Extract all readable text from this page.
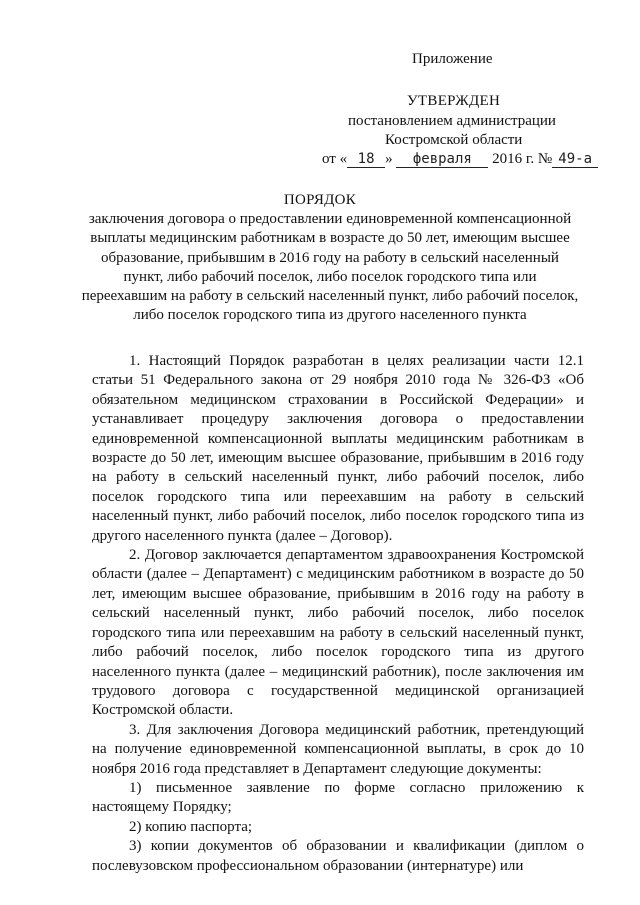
Приложение
УТВЕРЖДЕН
постановлением администрации
Костромской области
от « 18 » февраля 2016 г. № 49-а
ПОРЯДОК
заключения договора о предоставлении единовременной компенсационной выплаты медицинским работникам в возрасте до 50 лет, имеющим высшее образование, прибывшим в 2016 году на работу в сельский населенный пункт, либо рабочий поселок, либо поселок городского типа или переехавшим на работу в сельский населенный пункт, либо рабочий поселок, либо поселок городского типа из другого населенного пункта

1. Настоящий Порядок разработан в целях реализации части 12.1 статьи 51 Федерального закона от 29 ноября 2010 года № 326-ФЗ «Об обязательном медицинском страховании в Российской Федерации» и устанавливает процедуру заключения договора о предоставлении единовременной компенсационной выплаты медицинским работникам в возрасте до 50 лет, имеющим высшее образование, прибывшим в 2016 году на работу в сельский населенный пункт, либо рабочий поселок, либо поселок городского типа или переехавшим на работу в сельский населенный пункт, либо рабочий поселок, либо поселок городского типа из другого населенного пункта (далее – Договор).

2. Договор заключается департаментом здравоохранения Костромской области (далее – Департамент) с медицинским работником в возрасте до 50 лет, имеющим высшее образование, прибывшим в 2016 году на работу в сельский населенный пункт, либо рабочий поселок, либо поселок городского типа или переехавшим на работу в сельский населенный пункт, либо рабочий поселок, либо поселок городского типа из другого населенного пункта (далее – медицинский работник), после заключения им трудового договора с государственной медицинской организацией Костромской области.

3. Для заключения Договора медицинский работник, претендующий на получение единовременной компенсационной выплаты, в срок до 10 ноября 2016 года представляет в Департамент следующие документы:

1) письменное заявление по форме согласно приложению к настоящему Порядку;

2) копию паспорта;

3) копии документов об образовании и квалификации (диплом о послевузовском профессиональном образовании (интернатуре) или
